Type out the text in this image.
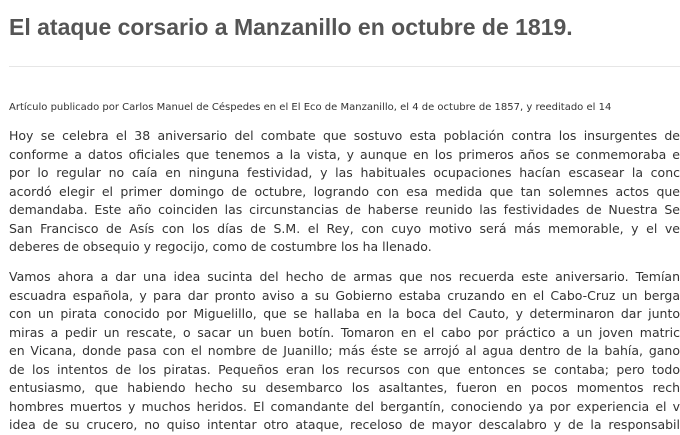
El ataque corsario a Manzanillo en octubre de 1819.

Artículo publicado por Carlos Manuel de Céspedes en el El Eco de Manzanillo, el 4 de octubre de 1857, y reeditado el 14

Hoy se celebra el 38 aniversario del combate que sostuvo esta población contra los insurgentes de
conforme a datos oficiales que tenemos a la vista, y aunque en los primeros años se conmemoraba e
por lo regular no caía en ninguna festividad, y las habituales ocupaciones hacían escasear la conc
acordó elegir el primer domingo de octubre, logrando con esa medida que tan solemnes actos que
demandaba. Este año coinciden las circunstancias de haberse reunido las festividades de Nuestra Se
San Francisco de Asís con los días de S.M. el Rey, con cuyo motivo será más memorable, y el ve
deberes de obsequio y regocijo, como de costumbre los ha llenado.

Vamos ahora a dar una idea sucinta del hecho de armas que nos recuerda este aniversario. Temían
escuadra española, y para dar pronto aviso a su Gobierno estaba cruzando en el Cabo-Cruz un berga
con un pirata conocido por Miguelillo, que se hallaba en la boca del Cauto, y determinaron dar junto
miras a pedir un rescate, o sacar un buen botín. Tomaron en el cabo por práctico a un joven matric
en Vicana, donde pasa con el nombre de Juanillo; más éste se arrojó al agua dentro de la bahía, gano
de los intentos de los piratas. Pequeños eran los recursos con que entonces se contaba; pero todo
entusiasmo, que habiendo hecho su desembarco los asaltantes, fueron en pocos momentos rech
hombres muertos y muchos heridos. El comandante del bergantín, conociendo ya por experiencia el v
idea de su crucero, no quiso intentar otro ataque, receloso de mayor descalabro y de la responsabil
